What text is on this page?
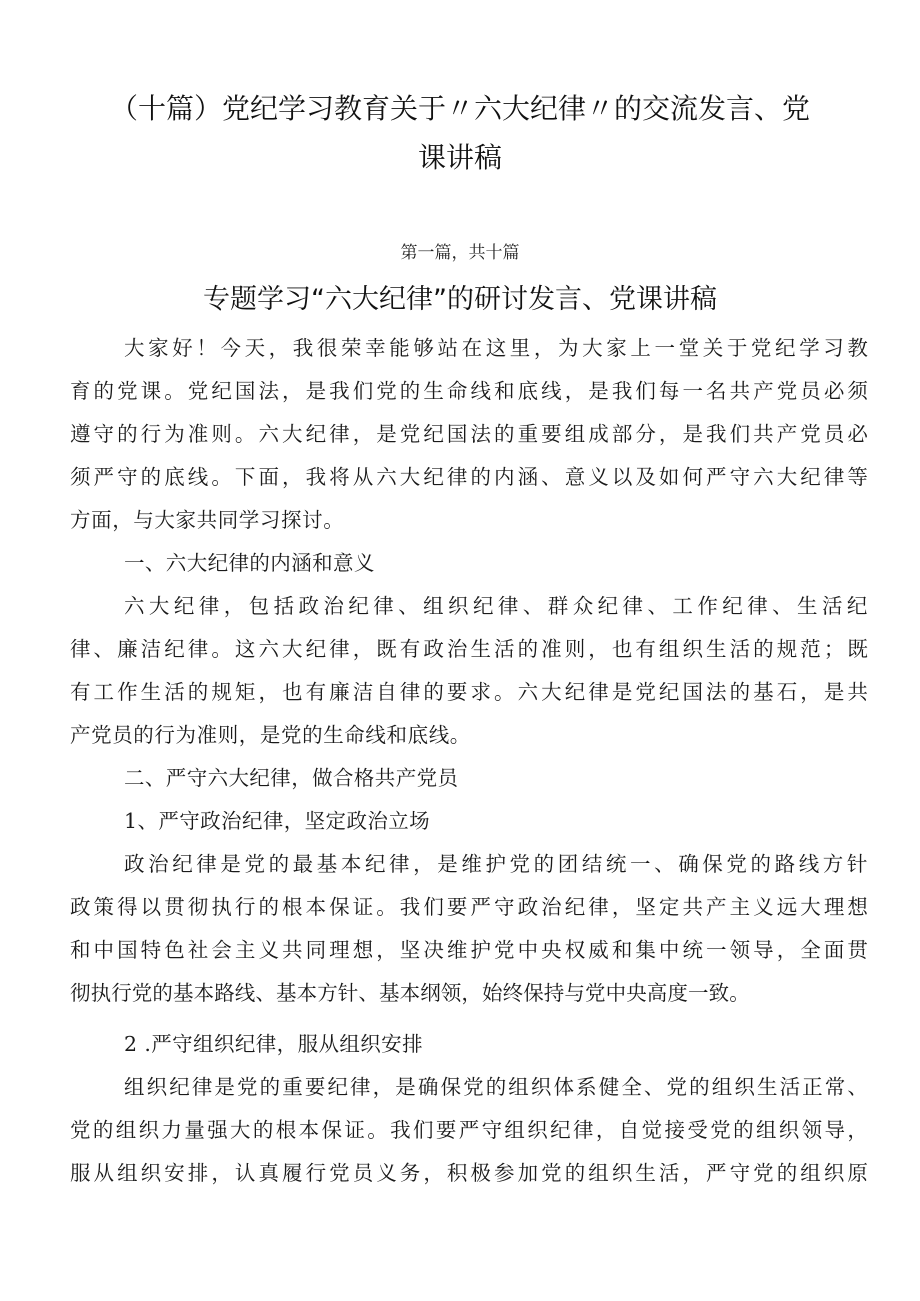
（十篇）党纪学习教育关于〃六大纪律〃的交流发言、党
课讲稿
第一篇，共十篇
专题学习“六大纪律”的研讨发言、党课讲稿
大家好！今天，我很荣幸能够站在这里，为大家上一堂关于党纪学习教
育的党课。党纪国法，是我们党的生命线和底线，是我们每一名共产党员必须
遵守的行为准则。六大纪律，是党纪国法的重要组成部分，是我们共产党员必
须严守的底线。下面，我将从六大纪律的内涵、意义以及如何严守六大纪律等
方面，与大家共同学习探讨。
一、六大纪律的内涵和意义
六大纪律，包括政治纪律、组织纪律、群众纪律、工作纪律、生活纪
律、廉洁纪律。这六大纪律，既有政治生活的准则，也有组织生活的规范；既
有工作生活的规矩，也有廉洁自律的要求。六大纪律是党纪国法的基石，是共
产党员的行为准则，是党的生命线和底线。
二、严守六大纪律，做合格共产党员
1、严守政治纪律，坚定政治立场
政治纪律是党的最基本纪律，是维护党的团结统一、确保党的路线方针
政策得以贯彻执行的根本保证。我们要严守政治纪律，坚定共产主义远大理想
和中国特色社会主义共同理想，坚决维护党中央权威和集中统一领导，全面贯
彻执行党的基本路线、基本方针、基本纲领，始终保持与党中央高度一致。
2 .严守组织纪律，服从组织安排
组织纪律是党的重要纪律，是确保党的组织体系健全、党的组织生活正常、
党的组织力量强大的根本保证。我们要严守组织纪律，自觉接受党的组织领导，
服从组织安排，认真履行党员义务，积极参加党的组织生活，严守党的组织原
